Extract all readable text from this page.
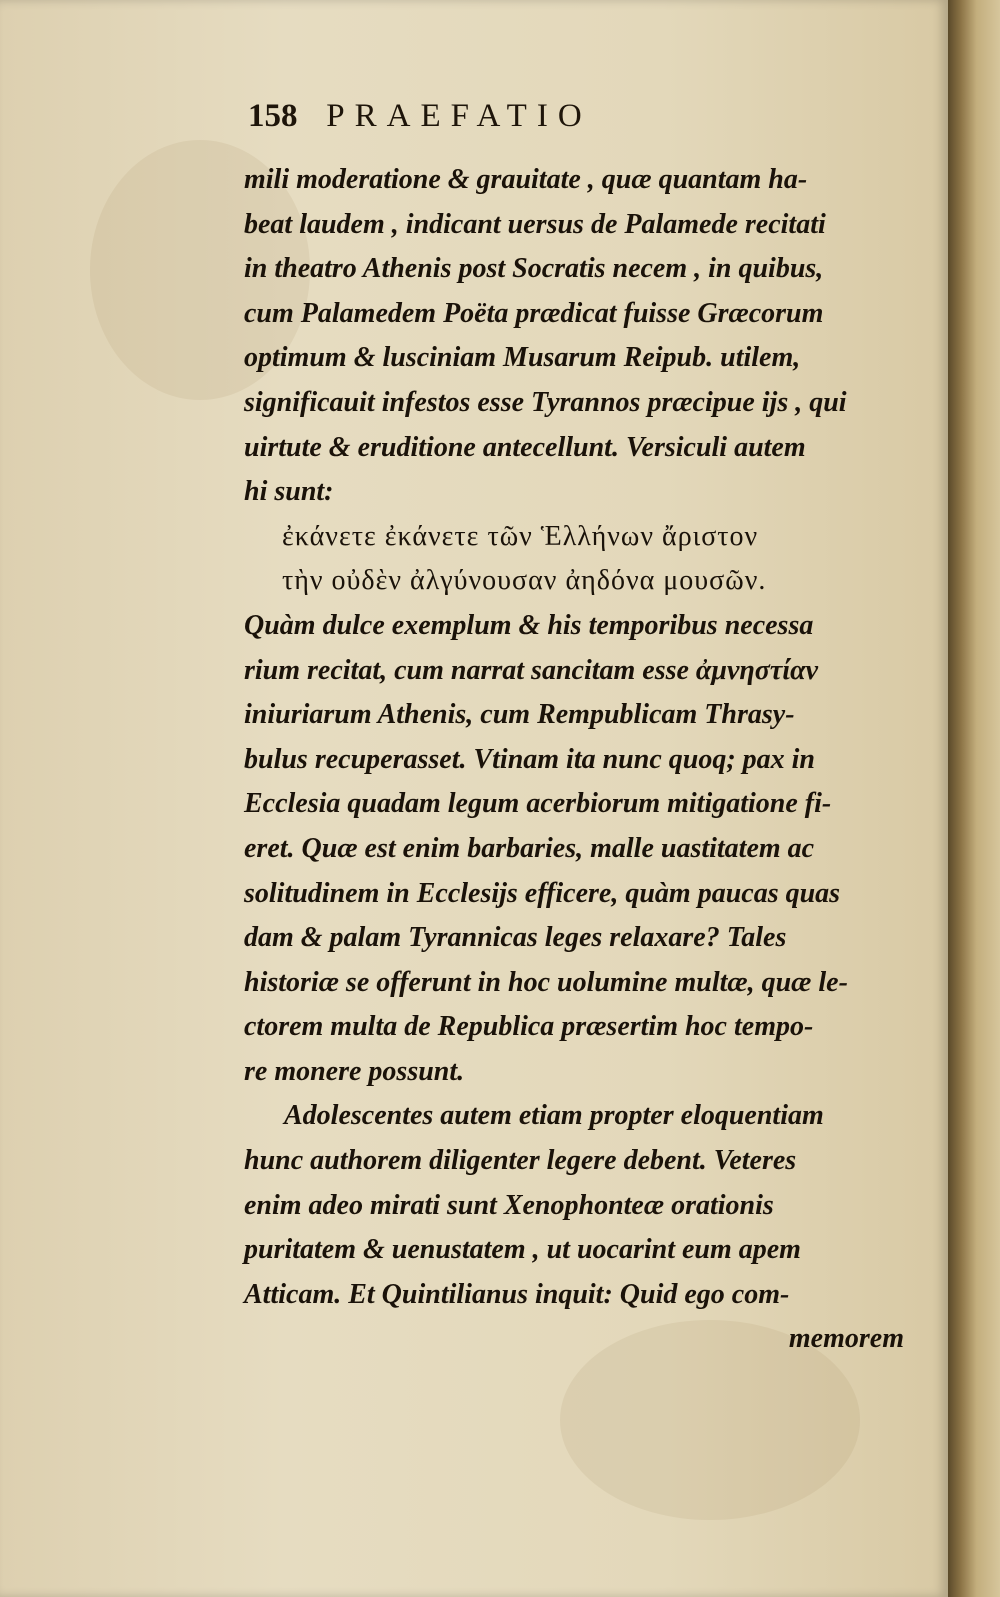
158 PRAEFATIO
mili moderatione & grauitate , quæ quantam ha-
beat laudem , indicant uersus de Palamede recitati
in theatro Athenis post Socratis necem , in quibus,
cum Palamedem Poëta prædicat fuisse Græcorum
optimum & lusciniam Musarum Reipub. utilem,
significauit infestos esse Tyrannos præcipue ijs , qui
uirtute & eruditione antecellunt. Versiculi autem
hi sunt:
ἐκάνετε ἐκάνετε τῶν Ἑλλήνων ἄριστον
τὴν οὐδὲν ἀλγύνουσαν ἀηδόνα μουσῶν.
Quàm dulce exemplum & his temporibus necessa
rium recitat, cum narrat sancitam esse ἀμνηστίαν
iniuriarum Athenis, cum Rempublicam Thrasy-
bulus recuperasset. Vtinam ita nunc quoq; pax in
Ecclesia quadam legum acerbiorum mitigatione fi-
eret. Quæ est enim barbaries, malle uastitatem ac
solitudinem in Ecclesijs efficere, quàm paucas quas
dam & palam Tyrannicas leges relaxare? Tales
historiæ se offerunt in hoc uolumine multæ, quæ le-
ctorem multa de Republica præsertim hoc tempo-
re monere possunt.
Adolescentes autem etiam propter eloquentiam
hunc authorem diligenter legere debent. Veteres
enim adeo mirati sunt Xenophonteæ orationis
puritatem & uenustatem , ut uocarint eum apem
Atticam. Et Quintilianus inquit: Quid ego com-
memorem
